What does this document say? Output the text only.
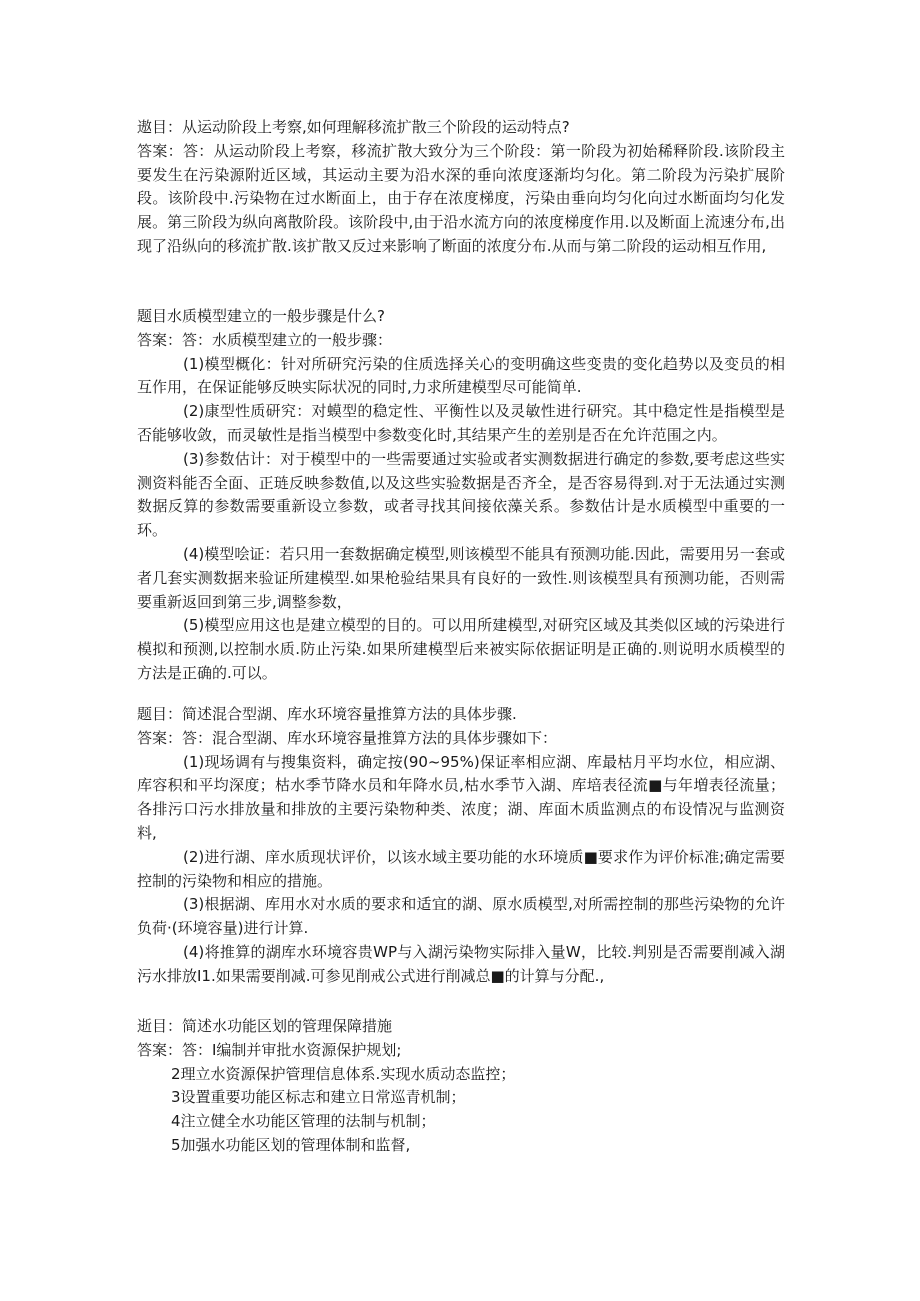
遨目：从运动阶段上考察,如何理解移流扩散三个阶段的运动特点?

答案：答：从运动阶段上考察，移流扩散大致分为三个阶段：第一阶段为初始稀释阶段.该阶段主要发生在污染源附近区域，其运动主要为沿水深的垂向浓度逐渐均匀化。第二阶段为污染扩展阶段。该阶段中.污染物在过水断面上，由于存在浓度梯度，污染由垂向均匀化向过水断面均匀化发展。第三阶段为纵向离散阶段。该阶段中,由于沿水流方向的浓度梯度作用.以及断面上流速分布,出现了沿纵向的移流扩散.该扩散又反过来影响了断面的浓度分布.从而与第二阶段的运动相互作用,

题目水质模型建立的一般步骤是什么?

答案：答：水质模型建立的一般步骤：

(1)模型概化：针对所研究污染的住质选择关心的变明确这些变贵的变化趋势以及变员的相互作用，在保证能够反映实际状况的同时,力求所建模型尽可能简单.

(2)康型性质研究：对蟆型的稳定性、平衡性以及灵敏性进行研究。其中稳定性是指模型是否能够收敛，而灵敏性是指当模型中参数变化时,其结果产生的差别是否在允许范围之内。

(3)参数估计：对于模型中的一些需要通过实验或者实测数据进行确定的参数,要考虑这些实测资料能否全面、正琏反映参数值,以及这些实验数据是否齐全，是否容易得到.对于无法通过实测数据反算的参数需要重新设立参数，或者寻找其间接依藻关系。参数估计是水质模型中重要的一环。

(4)模型哙证：若只用一套数据确定模型,则该模型不能具有预测功能.因此，需要用另一套或者几套实测数据来验证所建模型.如果枪验结果具有良好的一致性.则该模型具有预测功能，否则需要重新返回到第三步,调整参数，

(5)模型应用这也是建立模型的目的。可以用所建模型,对研究区域及其类似区域的污染进行模拟和预测,以控制水质.防止污染.如果所建模型后来被实际依据证明是正确的.则说明水质模型的方法是正确的.可以。

题目：简述混合型湖、库水环境容量推算方法的具体步骤.

答案：答：混合型湖、库水环境容量推算方法的具体步骤如下：

(1)现场调有与搜集资料，确定按(90~95%)保证率相应湖、库最枯月平均水位，相应湖、库容积和平均深度；枯水季节降水员和年降水员,枯水季节入湖、库培表径流■与年増表径流量；各排污口污水排放量和排放的主要污染物种类、浓度；湖、库面木质监测点的布设情况与监测资料,

(2)进行湖、庠水质现状评价，以该水域主要功能的水环境质■要求作为评价标准;确定需要控制的污染物和相应的措施。

(3)根据湖、库用水对水质的要求和适宜的湖、原水质模型,对所需控制的那些污染物的允许负荷·(环境容量)进行计算.

(4)将推算的湖库水环境容贵WP与入湖污染物实际排入量W，比较.判别是否需要削减入湖污水排放I1.如果需要削减.可参见削戒公式进行削减总■的计算与分配.,

逝目：简述水功能区划的管理保障措施

答案：答：I编制并审批水资源保护规划;

2理立水资源保护管理信息体系.实现水质动态监控；

3设置重要功能区标志和建立日常巡青机制；

4注立健全水功能区管理的法制与机制；

5加强水功能区划的管理体制和监督,
